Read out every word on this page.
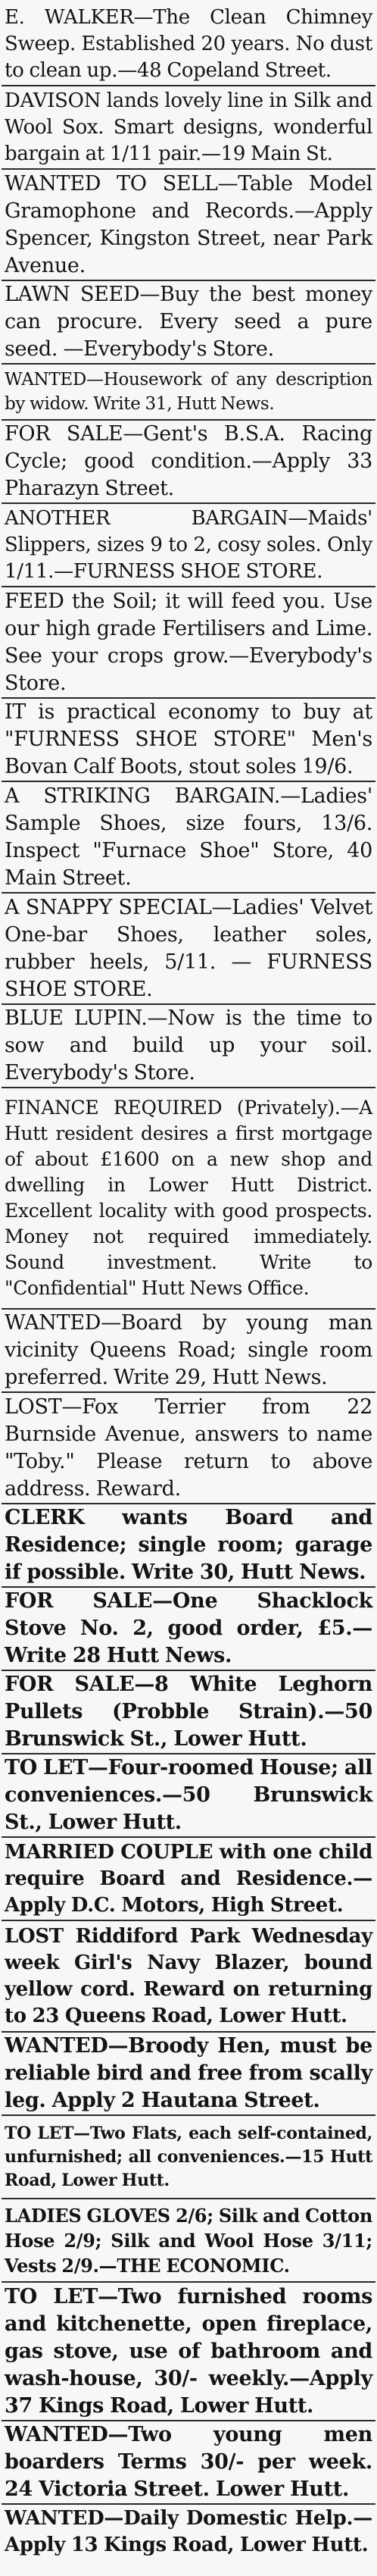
E. WALKER—The Clean Chimney Sweep. Established 20 years. No dust to clean up.—48 Copeland Street.

DAVISON lands lovely line in Silk and Wool Sox. Smart designs, wonderful bargain at 1/11 pair.—19 Main St.

WANTED TO SELL—Table Model Gramophone and Records.—Apply Spencer, Kingston Street, near Park Avenue.

LAWN SEED—Buy the best money can procure. Every seed a pure seed. —Everybody's Store.

WANTED—Housework of any description by widow. Write 31, Hutt News.

FOR SALE—Gent's B.S.A. Racing Cycle; good condition.—Apply 33 Pharazyn Street.

ANOTHER BARGAIN—Maids' Slippers, sizes 9 to 2, cosy soles. Only 1/11.—FURNESS SHOE STORE.

FEED the Soil; it will feed you. Use our high grade Fertilisers and Lime. See your crops grow.—Everybody's Store.

IT is practical economy to buy at "FURNESS SHOE STORE" Men's Bovan Calf Boots, stout soles 19/6.

A STRIKING BARGAIN.—Ladies' Sample Shoes, size fours, 13/6. Inspect "Furnace Shoe" Store, 40 Main Street.

A SNAPPY SPECIAL—Ladies' Velvet One-bar Shoes, leather soles, rubber heels, 5/11. — FURNESS SHOE STORE.

BLUE LUPIN.—Now is the time to sow and build up your soil. Everybody's Store.

FINANCE REQUIRED (Privately).—A Hutt resident desires a first mortgage of about £1600 on a new shop and dwelling in Lower Hutt District. Excellent locality with good prospects. Money not required immediately. Sound investment. Write to "Confidential" Hutt News Office.

WANTED—Board by young man vicinity Queens Road; single room preferred. Write 29, Hutt News.

LOST—Fox Terrier from 22 Burnside Avenue, answers to name "Toby." Please return to above address. Reward.

CLERK wants Board and Residence; single room; garage if possible. Write 30, Hutt News.

FOR SALE—One Shacklock Stove No. 2, good order, £5.—Write 28 Hutt News.

FOR SALE—8 White Leghorn Pullets (Probble Strain).—50 Brunswick St., Lower Hutt.

TO LET—Four-roomed House; all conveniences.—50 Brunswick St., Lower Hutt.

MARRIED COUPLE with one child require Board and Residence.—Apply D.C. Motors, High Street.

LOST Riddiford Park Wednesday week Girl's Navy Blazer, bound yellow cord. Reward on returning to 23 Queens Road, Lower Hutt.

WANTED—Broody Hen, must be reliable bird and free from scally leg. Apply 2 Hautana Street.

TO LET—Two Flats, each self-contained, unfurnished; all conveniences.—15 Hutt Road, Lower Hutt.

LADIES GLOVES 2/6; Silk and Cotton Hose 2/9; Silk and Wool Hose 3/11; Vests 2/9.—THE ECONOMIC.

TO LET—Two furnished rooms and kitchenette, open fireplace, gas stove, use of bathroom and wash-house, 30/- weekly.—Apply 37 Kings Road, Lower Hutt.

WANTED—Two young men boarders Terms 30/- per week. 24 Victoria Street. Lower Hutt.

WANTED—Daily Domestic Help.—Apply 13 Kings Road, Lower Hutt.
